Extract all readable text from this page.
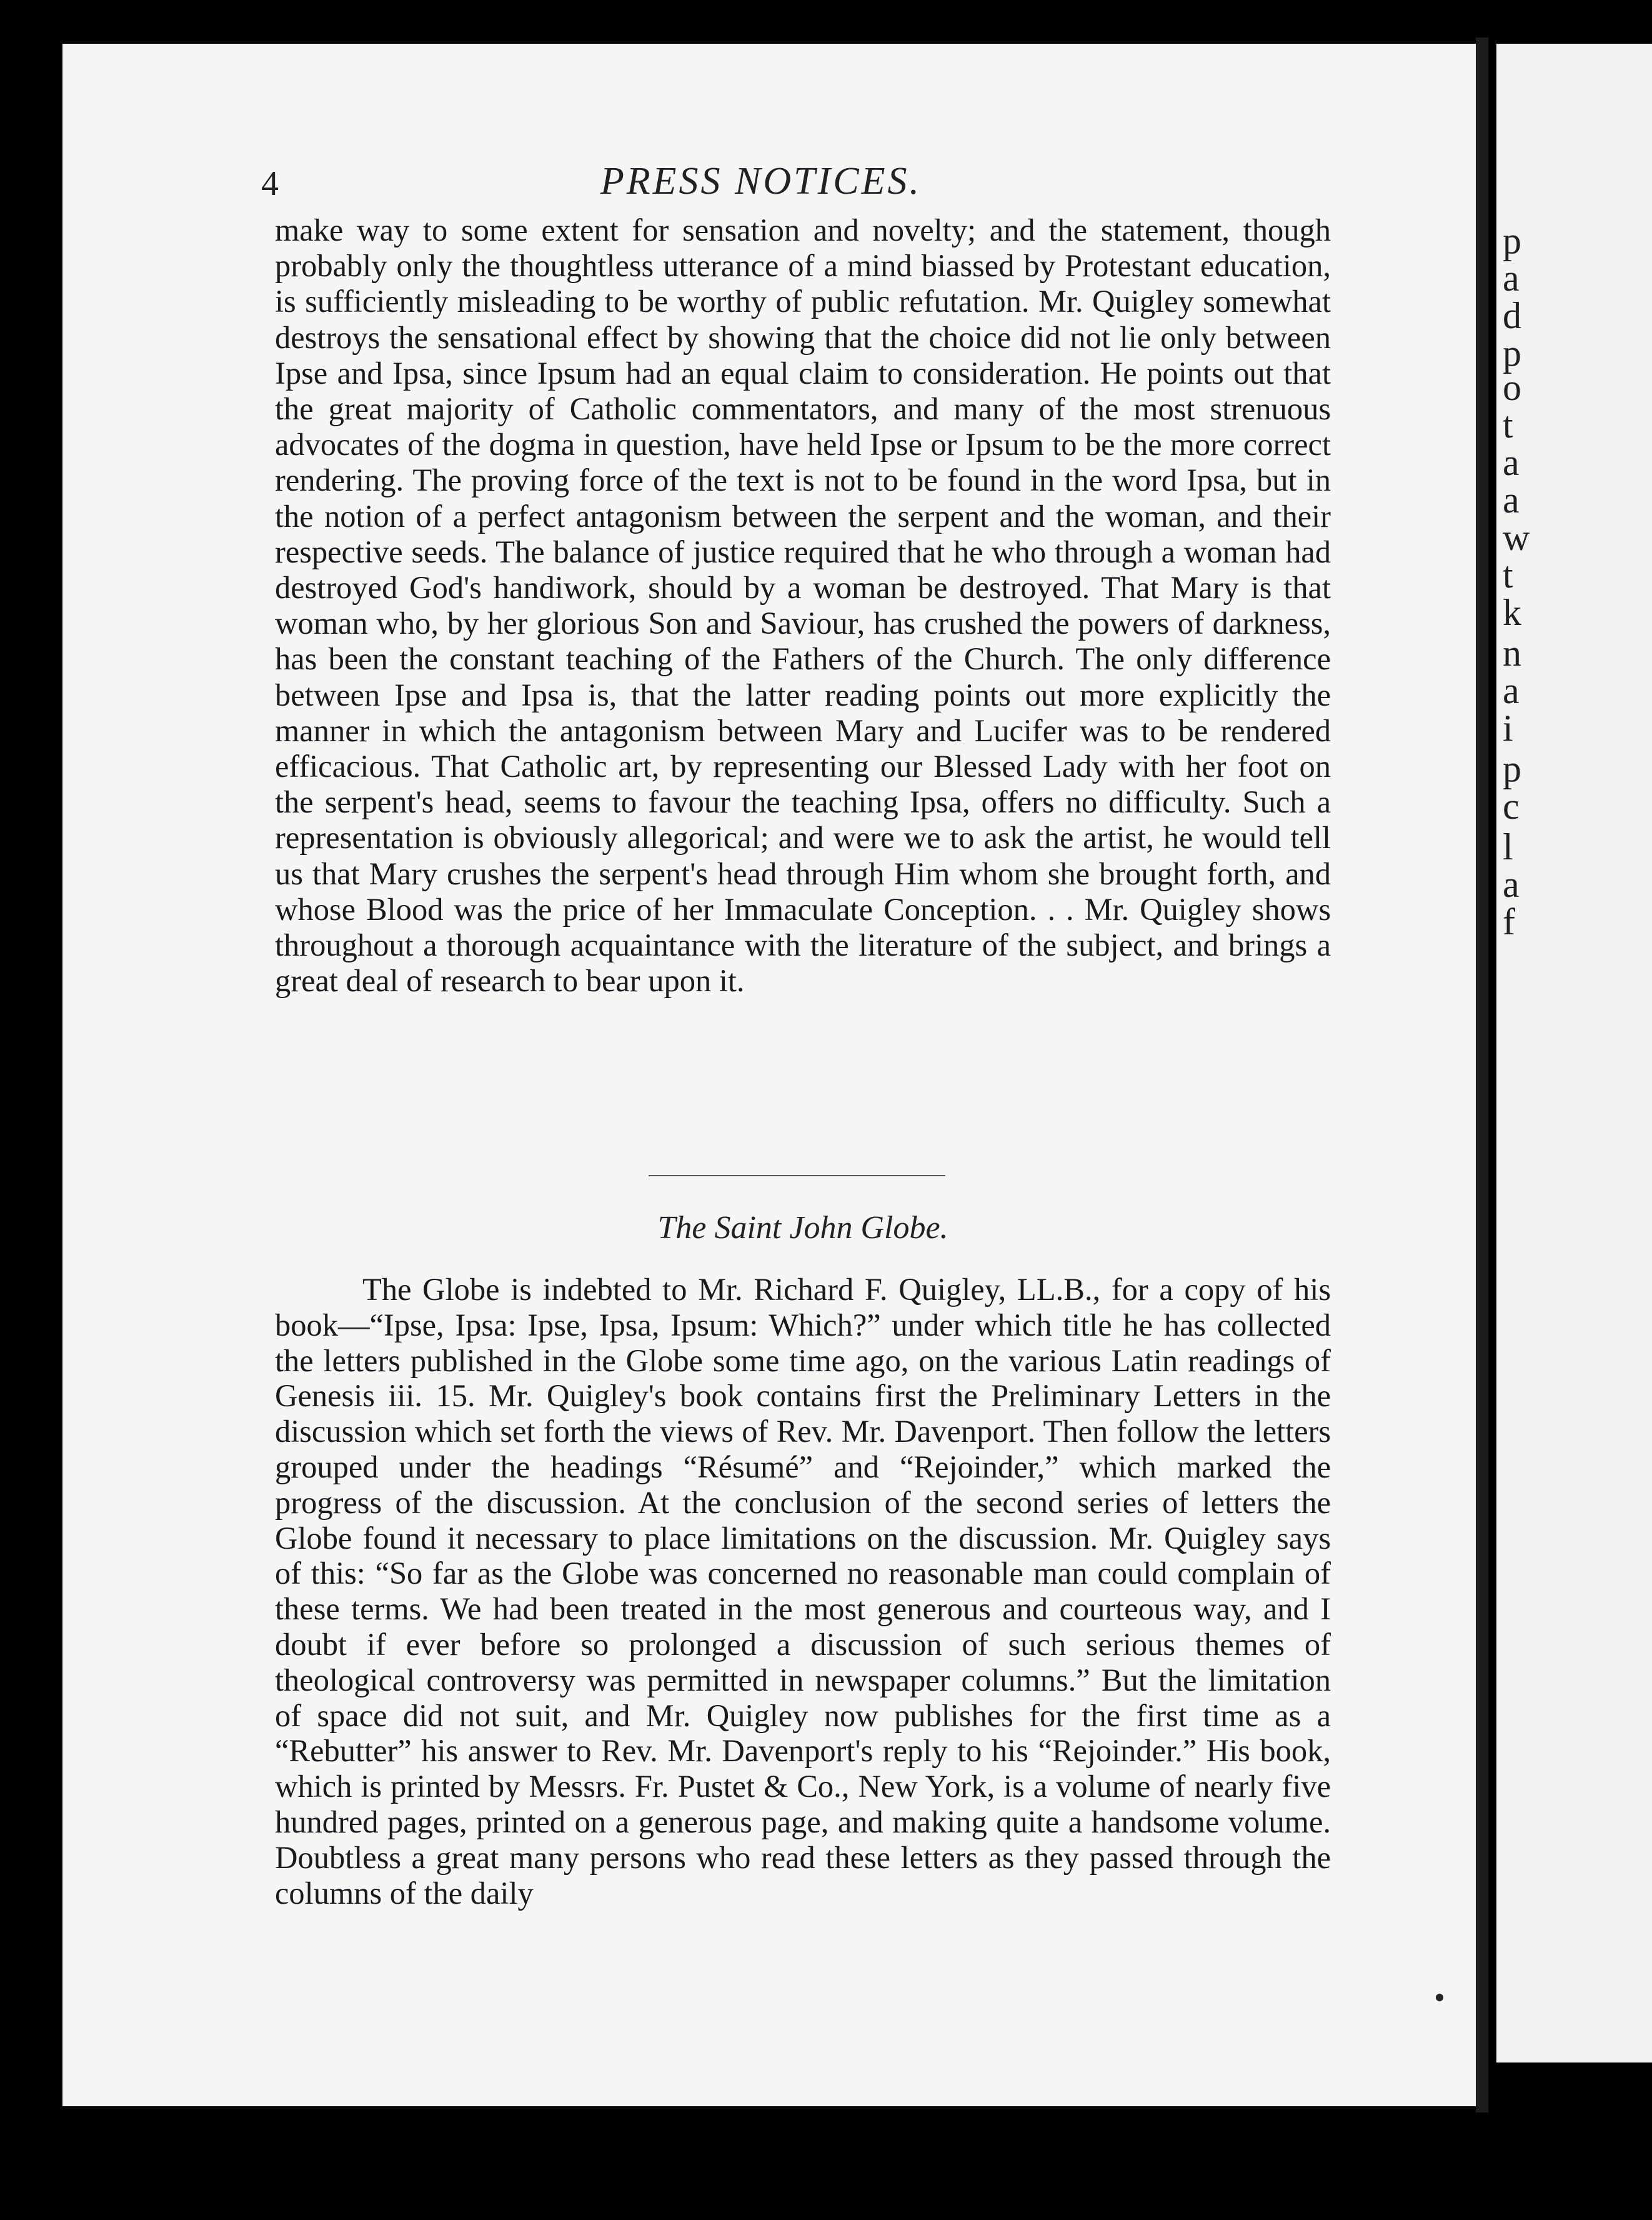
p
a
d
p
o
t
a
a
w
t
k
n
a
i
p
c
l
a
f
4	PRESS NOTICES.

make way to some extent for sensation and novelty; and the statement, though probably only the thoughtless utterance of a mind biassed by Protestant education, is sufficiently misleading to be worthy of public refutation. Mr. Quigley somewhat destroys the sensational effect by showing that the choice did not lie only between Ipse and Ipsa, since Ipsum had an equal claim to consideration. He points out that the great majority of Catholic commentators, and many of the most strenuous advocates of the dogma in question, have held Ipse or Ipsum to be the more correct rendering. The proving force of the text is not to be found in the word Ipsa, but in the notion of a perfect antagonism between the serpent and the woman, and their respective seeds. The balance of justice required that he who through a woman had destroyed God's handiwork, should by a woman be destroyed. That Mary is that woman who, by her glorious Son and Saviour, has crushed the powers of darkness, has been the constant teaching of the Fathers of the Church. The only difference between Ipse and Ipsa is, that the latter reading points out more explicitly the manner in which the antagonism between Mary and Lucifer was to be rendered efficacious. That Catholic art, by representing our Blessed Lady with her foot on the serpent's head, seems to favour the teaching Ipsa, offers no difficulty. Such a representation is obviously allegorical; and were we to ask the artist, he would tell us that Mary crushes the serpent's head through Him whom she brought forth, and whose Blood was the price of her Immaculate Conception. . . Mr. Quigley shows throughout a thorough acquaintance with the literature of the subject, and brings a great deal of research to bear upon it.

The Saint John Globe.

The Globe is indebted to Mr. Richard F. Quigley, LL.B., for a copy of his book—“Ipse, Ipsa: Ipse, Ipsa, Ipsum: Which?” under which title he has collected the letters published in the Globe some time ago, on the various Latin readings of Genesis iii. 15. Mr. Quigley's book contains first the Preliminary Letters in the discussion which set forth the views of Rev. Mr. Davenport. Then follow the letters grouped under the headings “Résumé” and “Rejoinder,” which marked the progress of the discussion. At the conclusion of the second series of letters the Globe found it necessary to place limitations on the discussion. Mr. Quigley says of this: “So far as the Globe was concerned no reasonable man could complain of these terms. We had been treated in the most generous and courteous way, and I doubt if ever before so prolonged a discussion of such serious themes of theological controversy was permitted in newspaper columns.” But the limitation of space did not suit, and Mr. Quigley now publishes for the first time as a “Rebutter” his answer to Rev. Mr. Davenport's reply to his “Rejoinder.” His book, which is printed by Messrs. Fr. Pustet & Co., New York, is a volume of nearly five hundred pages, printed on a generous page, and making quite a handsome volume. Doubtless a great many persons who read these letters as they passed through the columns of the daily
